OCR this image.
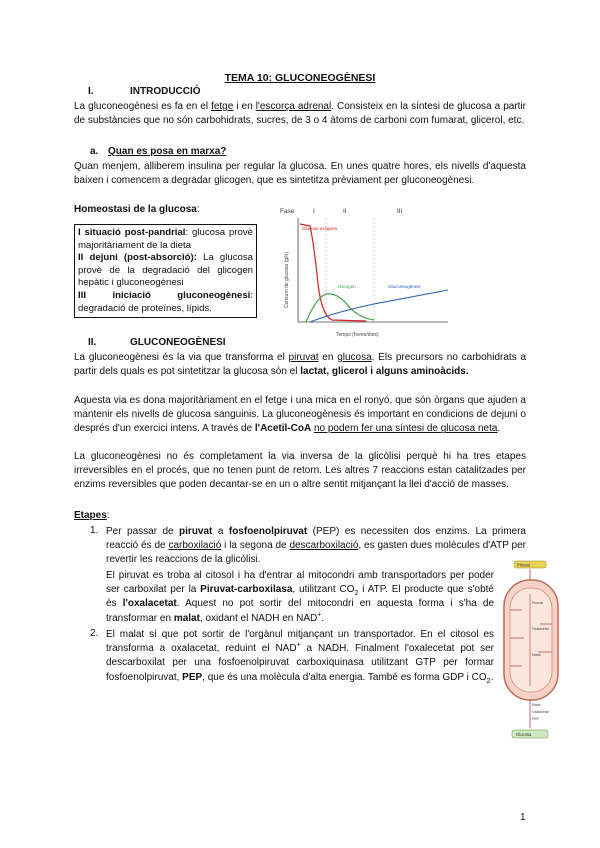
TEMA 10: GLUCONEOGÈNESI
I.	INTRODUCCIÓ

La gluconeogènesi es fa en el fetge i en l'escorça adrenal. Consisteix en la síntesi de glucosa a partir de substàncies que no són carbohidrats, sucres, de 3 o 4 àtoms de carboni com fumarat, glicerol, etc.

a. Quan es posa en marxa?

Quan menjem, alliberem insulina per regular la glucosa. En unes quatre hores, els nivells d'aquesta baixen i comencem a degradar glicogen, que es sintetitza prèviament per gluconeogènesi.

Homeostasi de la glucosa:
I situació post-pandrial: glucosa provè majoritàriament de la dieta
II dejuni (post-absorció): La glucosa provè de la degradació del glicogen hepàtic i gluconeogènesi
III iniciació gluconeogènesi: degradació de proteïnes, lípids.
Fase	I	II	III
Consum de glucosa (g/h)
Temps (hores/dies)
Glucosa exògena
Glicogen	Gluconeogènesi
II.	GLUCONEOGÈNESI

La gluconeogènesi és la via que transforma el piruvat en glucosa. Els precursors no carbohidrats a partir dels quals es pot sintetitzar la glucosa són el lactat, glicerol i alguns aminoàcids.

Aquesta via es dona majoritàriament en el fetge i una mica en el ronyó, que són òrgans que ajuden a mantenir els nivells de glucosa sanguinis. La gluconeogènesis és important en condicions de dejuni o després d'un exercici intens. A través de l'Acetil-CoA no podem fer una síntesi de glucosa neta.

La gluconeogènesi no és completament la via inversa de la glicòlisi perquè hi ha tres etapes irreversibles en el procés, que no tenen punt de retorn. Les altres 7 reaccions estan catalitzades per enzims reversibles que poden decantar-se en un o altre sentit mitjançant la llei d'acció de masses.

Etapes:
1. Per passar de piruvat a fosfoenolpiruvat (PEP) es necessiten dos enzims. La primera reacció és de carboxilació i la segona de descarboxilació, es gasten dues molècules d'ATP per revertir les reaccions de la glicòlisi.

El piruvat es troba al citosol i ha d'entrar al mitocondri amb transportadors per poder ser carboxilat per la Piruvat-carboxilasa, utilitzant $CO_2$ i ATP. El producte que s'obté és l'oxalacetat. Aquest no pot sortir del mitocondri en aquesta forma i s'ha de transformar en malat, oxidant el NADH en NAD+.

2. El malat sí que pot sortir de l'orgànul mitjançant un transportador. En el citosol es transforma a oxalacetat, reduint el NAD+ a NADH. Finalment l'oxalecetat pot ser descarboxilat per una fosfoenolpiruvat carboxiquinasa utilitzant GTP per formar fosfoenolpiruvat, PEP, que és una molècula d'alta energia. També es forma GDP i $CO_2$.

Piruvat
Piruvat
Oxalacetat
Malat
Malat
Oxalacetat
PEP
Glucosa
1
